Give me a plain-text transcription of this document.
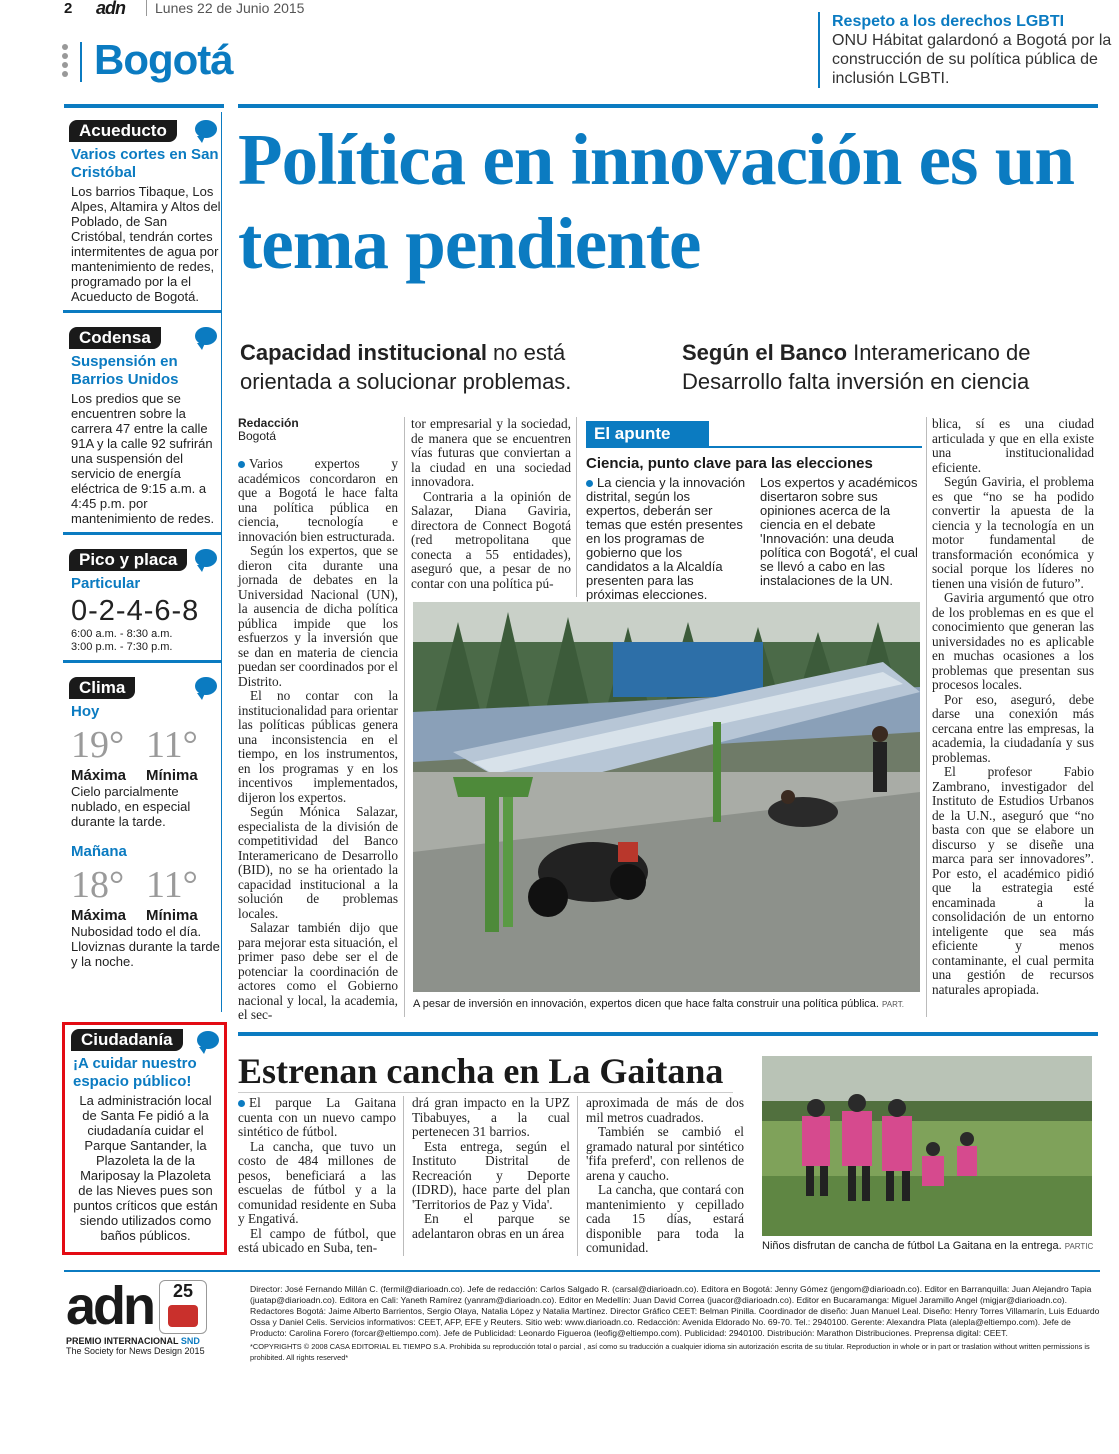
2 adn	Lunes 22 de Junio 2015
Bogotá
Respeto a los derechos LGBTI
ONU Hábitat galardonó a Bogotá por la construcción de su política pública de inclusión LGBTI.
Acueducto
Varios cortes en San Cristóbal
Los barrios Tibaque, Los Alpes, Altamira y Altos del Poblado, de San Cristóbal, tendrán cortes intermitentes de agua por mantenimiento de redes, programado por la el Acueducto de Bogotá.
Codensa
Suspensión en Barrios Unidos
Los predios que se encuentren sobre la carrera 47 entre la calle 91A y la calle 92 sufrirán una suspensión del servicio de energía eléctrica de 9:15 a.m. a 4:45 p.m. por mantenimiento de redes.
Pico y placa
Particular
0-2-4-6-8
6:00 a.m. - 8:30 a.m.
3:00 p.m. - 7:30 p.m.
Clima
Hoy
19° 11°
Máxima	Mínima
Cielo parcialmente nublado, en especial durante la tarde.
Mañana
18° 11°
Máxima	Mínima
Nubosidad todo el día. Lloviznas durante la tarde y la noche.
Ciudadanía
¡A cuidar nuestro espacio público!
La administración local de Santa Fe pidió a la ciudadanía cuidar el Parque Santander, la Plazoleta la de la Mariposay la Plazoleta de las Nieves pues son puntos críticos que están siendo utilizados como baños públicos.
Política en innovación es un tema pendiente
Capacidad institucional no está orientada a solucionar problemas.
Según el Banco Interamericano de Desarrollo falta inversión en ciencia
Redacción
Bogotá

Varios expertos y académicos concordaron en que a Bogotá le hace falta una política pública en ciencia, tecnología e innovación bien estructurada.

Según los expertos, que se dieron cita durante una jornada de debates en la Universidad Nacional (UN), la ausencia de dicha política pública impide que los esfuerzos y la inversión que se dan en materia de ciencia puedan ser coordinados por el Distrito.

El no contar con la institucionalidad para orientar las políticas públicas genera una inconsistencia en el tiempo, en los instrumentos, en los programas y en los incentivos implementados, dijeron los expertos.

Según Mónica Salazar, especialista de la división de competitividad del Banco Interamericano de Desarrollo (BID), no se ha orientado la capacidad institucional a la solución de problemas locales.

Salazar también dijo que para mejorar esta situación, el primer paso debe ser el de potenciar la coordinación de actores como el Gobierno nacional y local, la academia, el sec-

tor empresarial y la sociedad, de manera que se encuentren vías futuras que conviertan a la ciudad en una sociedad innovadora.

Contraria a la opinión de Salazar, Diana Gaviria, directora de Connect Bogotá (red metropolitana que conecta a 55 entidades), aseguró que, a pesar de no contar con una política pú-

El apunte
Ciencia, punto clave para las elecciones
La ciencia y la innovación distrital, según los expertos, deberán ser temas que estén presentes en los programas de gobierno que los candidatos a la Alcaldía presenten para las próximas elecciones.
Los expertos y académicos disertaron sobre sus opiniones acerca de la ciencia en el debate 'Innovación: una deuda política con Bogotá', el cual se llevó a cabo en las instalaciones de la UN.

blica, sí es una ciudad articulada y que en ella existe una institucionalidad eficiente.

Según Gaviria, el problema es que “no se ha podido convertir la apuesta de la ciencia y la tecnología en un motor fundamental de transformación económica y social porque los líderes no tienen una visión de futuro”.

Gaviria argumentó que otro de los problemas en es que el conocimiento que generan las universidades no es aplicable en muchas ocasiones a los problemas que presentan sus procesos locales.

Por eso, aseguró, debe darse una conexión más cercana entre las empresas, la academia, la ciudadanía y sus problemas.

El profesor Fabio Zambrano, investigador del Instituto de Estudios Urbanos de la U.N., aseguró que “no basta con que se elabore un discurso y se diseñe una marca para ser innovadores”. Por esto, el académico pidió que la estrategia esté encaminada a la consolidación de un entorno inteligente que sea más eficiente y menos contaminante, el cual permita una gestión de recursos naturales apropiada.

A pesar de inversión en innovación, expertos dicen que hace falta construir una política pública. PART.
Estrenan cancha en La Gaitana

El parque La Gaitana cuenta con un nuevo campo sintético de fútbol.

La cancha, que tuvo un costo de 484 millones de pesos, beneficiará a las escuelas de fútbol y a la comunidad residente en Suba y Engativá.

El campo de fútbol, que está ubicado en Suba, ten-

drá gran impacto en la UPZ Tibabuyes, a la cual pertenecen 31 barrios.

Esta entrega, según el Instituto Distrital de Recreación y Deporte (IDRD), hace parte del plan 'Territorios de Paz y Vida'.

En el parque se adelantaron obras en un área

aproximada de más de dos mil metros cuadrados.

También se cambió el gramado natural por sintético 'fifa preferd', con rellenos de arena y caucho.

La cancha, que contará con mantenimiento y cepillado cada 15 días, estará disponible para toda la comunidad.	Niños disfrutan de cancha de fútbol La Gaitana en la entrega. PARTIC
adn	25
PREMIO INTERNACIONAL SND
The Society for News Design 2015
Director: José Fernando Millán C. (fermil@diarioadn.co). Jefe de redacción: Carlos Salgado R. (carsal@diarioadn.co). Editora en Bogotá: Jenny Gómez (jengom@diarioadn.co). Editor en Barranquilla: Juan Alejandro Tapia (juatap@diarioadn.co). Editora en Cali: Yaneth Ramírez (yanram@diarioadn.co). Editor en Medellín: Juan David Correa (juacor@diarioadn.co). Editor en Bucaramanga: Miguel Jaramillo Angel (migjar@diarioadn.co). Redactores Bogotá: Jaime Alberto Barrientos, Sergio Olaya, Natalia López y Natalia Martínez. Director Gráfico CEET: Belman Pinilla. Coordinador de diseño: Juan Manuel Leal. Diseño: Henry Torres Villamarín, Luis Eduardo Ossa y Daniel Celis. Servicios informativos: CEET, AFP, EFE y Reuters. Sitio web: www.diarioadn.co. Redacción: Avenida Eldorado No. 69-70. Tel.: 2940100. Gerente: Alexandra Plata (alepla@eltiempo.com). Jefe de Producto: Carolina Forero (forcar@eltiempo.com). Jefe de Publicidad: Leonardo Figueroa (leofig@eltiempo.com). Publicidad: 2940100. Distribución: Marathon Distribuciones. Preprensa digital: CEET.
*COPYRIGHTS © 2008 CASA EDITORIAL EL TIEMPO S.A. Prohibida su reproducción total o parcial , así como su traducción a cualquier idioma sin autorización escrita de su titular. Reproduction in whole or in part or traslation without written permissions is prohibited. All rights reserved*
